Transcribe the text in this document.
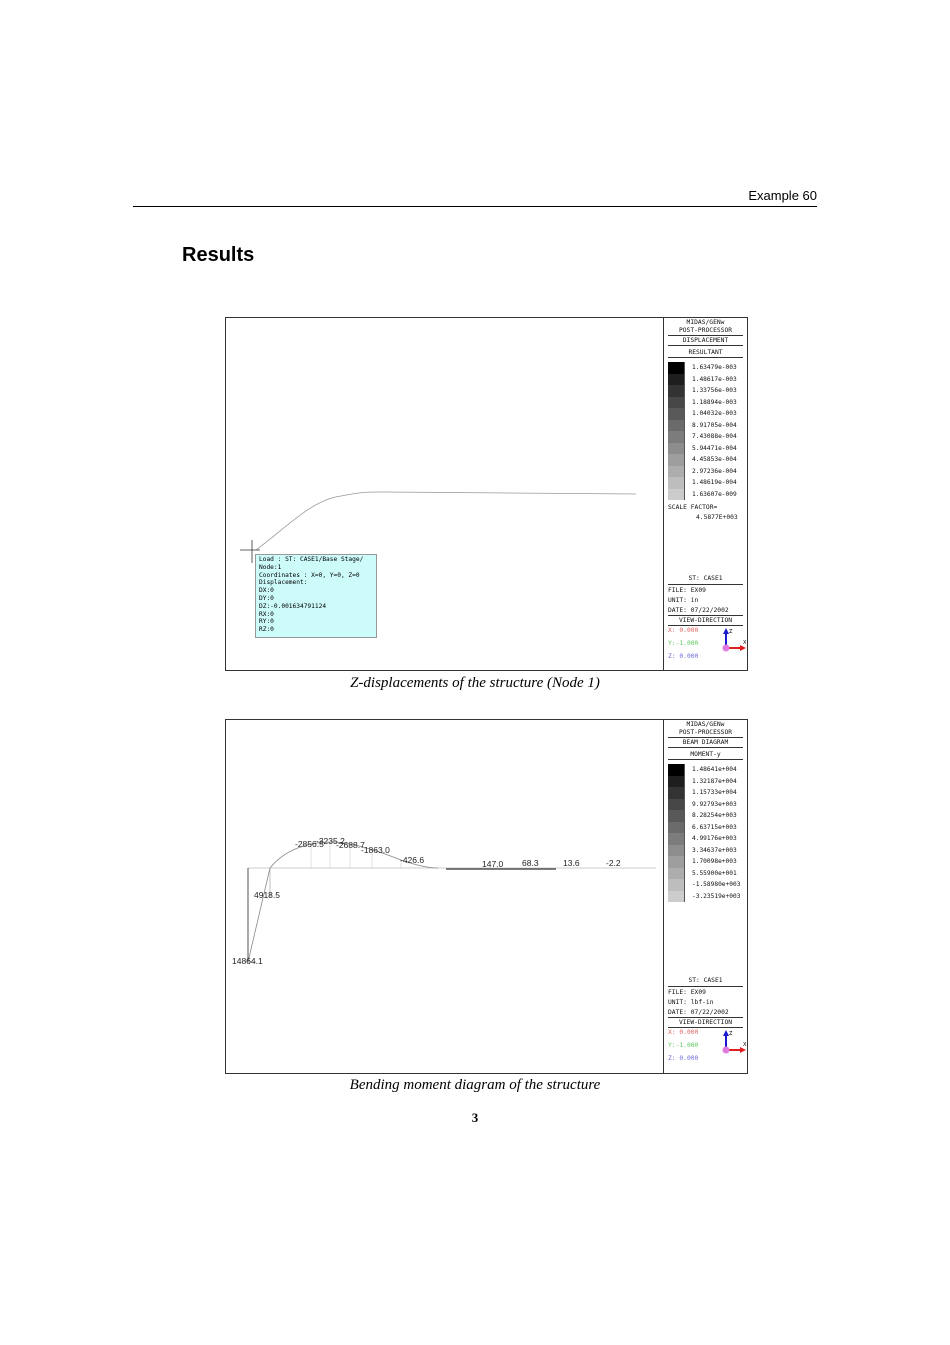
Example 60
Results
Load : ST: CASE1/Base Stage/
Node:1
Coordinates : X=0, Y=0, Z=0
Displacement:
DX:0
DY:0
DZ:-0.001634791124
RX:0
RY:0
RZ:0
MIDAS/GENw
POST-PROCESSOR
DISPLACEMENT
RESULTANT
1.63479e-003
1.48617e-003
1.33756e-003
1.18894e-003
1.04032e-003
8.91705e-004
7.43088e-004
5.94471e-004
4.45853e-004
2.97236e-004
1.48619e-004
1.63607e-009
SCALE FACTOR=
4.5877E+003
ST: CASE1
FILE: EX09
UNIT: in
DATE: 07/22/2002
VIEW-DIRECTION
X: 0.000
Y:-1.000
Z: 0.000
Z
X
Z-displacements of the structure (Node 1)
-2856.5
-3235.2
-2688.7
-1863.0
-426.6	147.0 68.3	13.6	-2.2
4918.5
14864.1
MIDAS/GENw
POST-PROCESSOR
BEAM DIAGRAM
MOMENT-y
1.48641e+004
1.32187e+004
1.15733e+004
9.92793e+003
8.28254e+003
6.63715e+003
4.99176e+003
3.34637e+003
1.70098e+003
5.55900e+001
-1.58980e+003
-3.23519e+003
ST: CASE1
FILE: EX09
UNIT: lbf-in
DATE: 07/22/2002
VIEW-DIRECTION
X: 0.000
Y:-1.000
Z: 0.000
Z
X
Bending moment diagram of the structure
3
